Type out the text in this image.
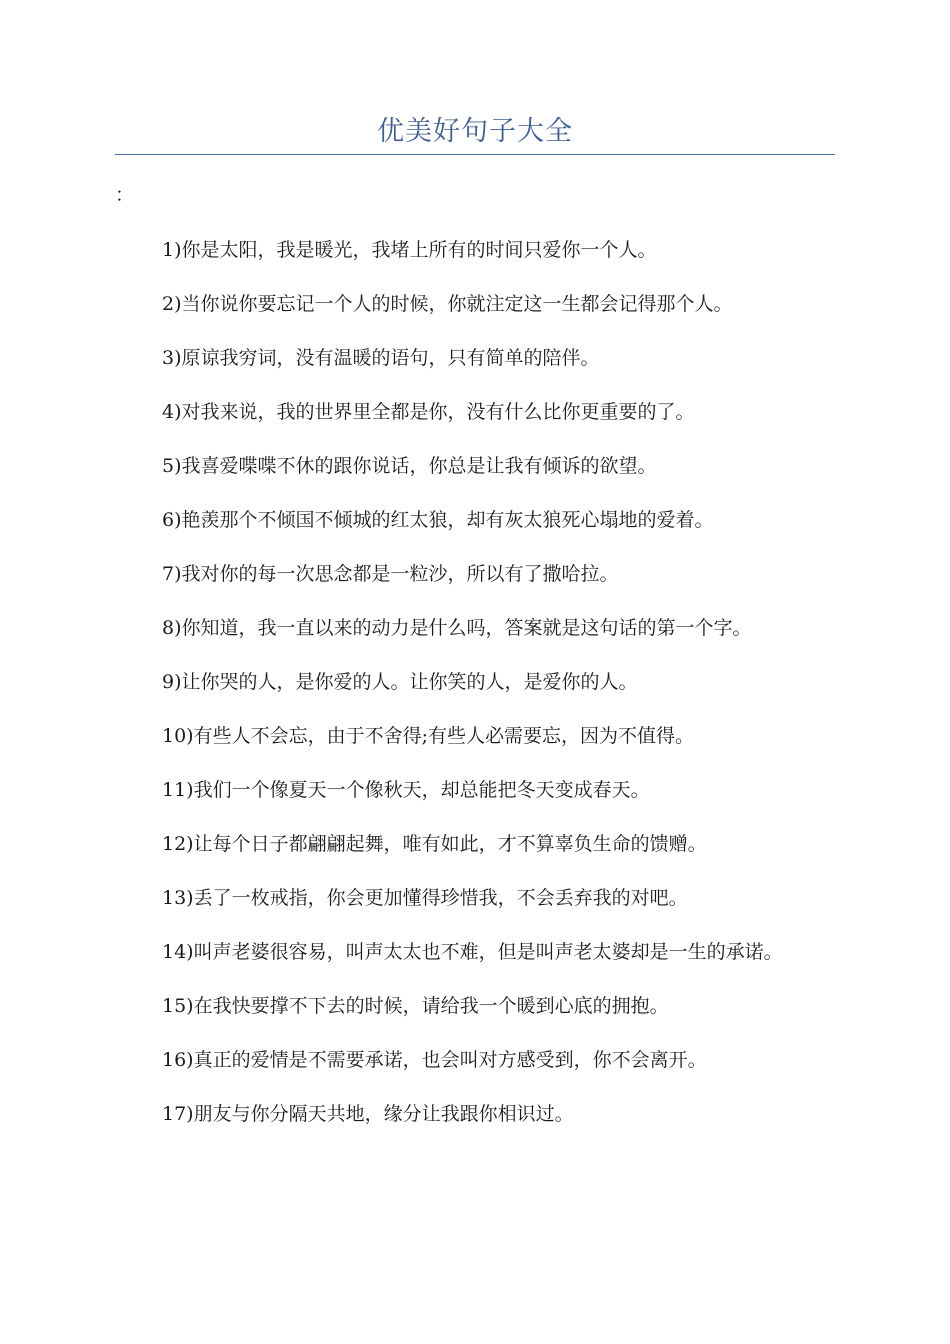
优美好句子大全

：

1)你是太阳，我是暖光，我堵上所有的时间只爱你一个人。

2)当你说你要忘记一个人的时候，你就注定这一生都会记得那个人。

3)原谅我穷词，没有温暖的语句，只有简单的陪伴。

4)对我来说，我的世界里全都是你，没有什么比你更重要的了。

5)我喜爱喋喋不休的跟你说话，你总是让我有倾诉的欲望。

6)艳羡那个不倾国不倾城的红太狼，却有灰太狼死心塌地的爱着。

7)我对你的每一次思念都是一粒沙，所以有了撒哈拉。

8)你知道，我一直以来的动力是什么吗，答案就是这句话的第一个字。

9)让你哭的人，是你爱的人。让你笑的人，是爱你的人。

10)有些人不会忘，由于不舍得;有些人必需要忘，因为不值得。

11)我们一个像夏天一个像秋天，却总能把冬天变成春天。

12)让每个日子都翩翩起舞，唯有如此，才不算辜负生命的馈赠。

13)丢了一枚戒指，你会更加懂得珍惜我，不会丢弃我的对吧。

14)叫声老婆很容易，叫声太太也不难，但是叫声老太婆却是一生的承诺。

15)在我快要撑不下去的时候，请给我一个暖到心底的拥抱。

16)真正的爱情是不需要承诺，也会叫对方感受到，你不会离开。

17)朋友与你分隔天共地，缘分让我跟你相识过。
